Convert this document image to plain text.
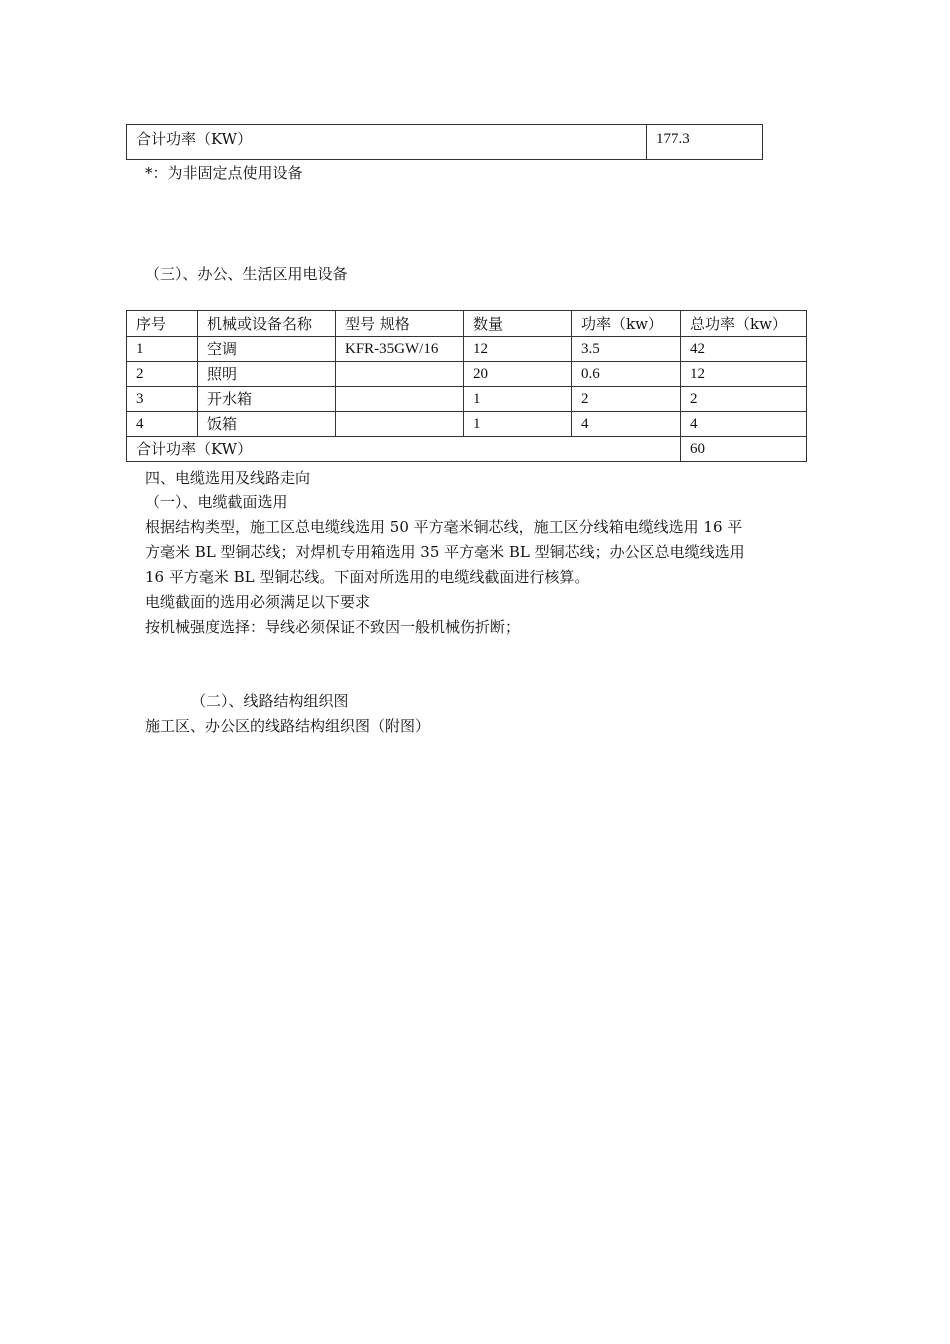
合计功率（KW）	177.3
*：为非固定点使用设备
（三）、办公、生活区用电设备
序号	机械或设备名称	型号 规格	数量	功率（kw）	总功率（kw）
1	空调	KFR-35GW/16	12	3.5	42
2	照明		20	0.6	12
3	开水箱		1	2	2
4	饭箱		1	4	4
合计功率（KW）					60
四、电缆选用及线路走向
（一）、电缆截面选用
根据结构类型，施工区总电缆线选用 50 平方毫米铜芯线，施工区分线箱电缆线选用 16 平
方毫米 BL 型铜芯线；对焊机专用箱选用 35 平方毫米 BL 型铜芯线；办公区总电缆线选用
16 平方毫米 BL 型铜芯线。下面对所选用的电缆线截面进行核算。
电缆截面的选用必须满足以下要求
按机械强度选择：导线必须保证不致因一般机械伤折断；
（二）、线路结构组织图
施工区、办公区的线路结构组织图（附图）
